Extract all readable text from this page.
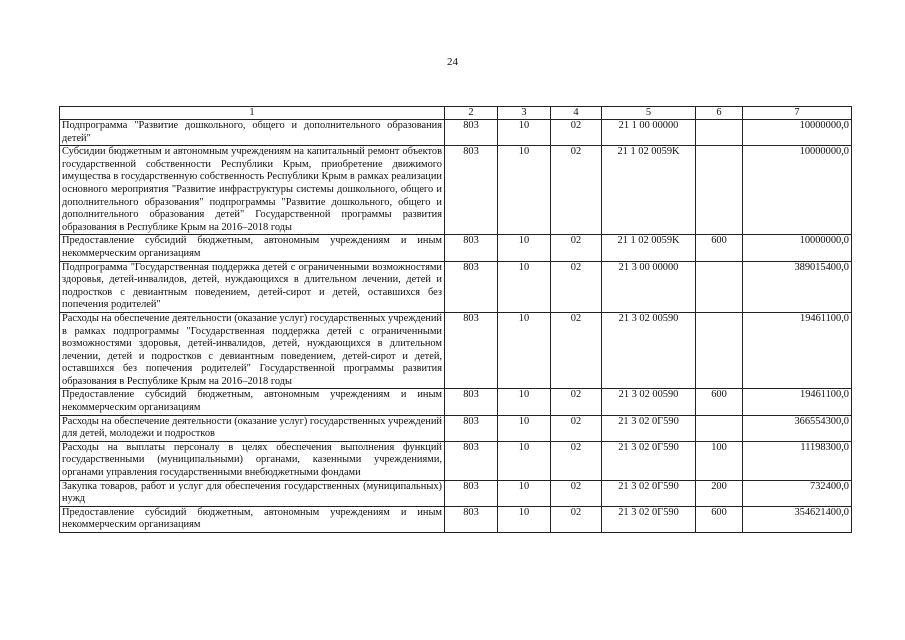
24
1	2	3	4	5	6	7
Подпрограмма "Развитие дошкольного, общего и дополнительного образования детей"	803	10	02	21 1 00 00000		10000000,0
Субсидии бюджетным и автономным учреждениям на капитальный ремонт объектов государственной собственности Республики Крым, приобретение движимого имущества в государственную собственность Республики Крым в рамках реализации основного мероприятия "Развитие инфраструктуры системы дошкольного, общего и дополнительного образования" подпрограммы "Развитие дошкольного, общего и дополнительного образования детей" Государственной программы развития образования в Республике Крым на 2016–2018 годы	803	10	02	21 1 02 0059K		10000000,0
Предоставление субсидий бюджетным, автономным учреждениям и иным некоммерческим организациям	803	10	02	21 1 02 0059K	600	10000000,0
Подпрограмма "Государственная поддержка детей с ограниченными возможностями здоровья, детей-инвалидов, детей, нуждающихся в длительном лечении, детей и подростков с девиантным поведением, детей-сирот и детей, оставшихся без попечения родителей"	803	10	02	21 3 00 00000		389015400,0
Расходы на обеспечение деятельности (оказание услуг) государственных учреждений в рамках подпрограммы "Государственная поддержка детей с ограниченными возможностями здоровья, детей-инвалидов, детей, нуждающихся в длительном лечении, детей и подростков с девиантным поведением, детей-сирот и детей, оставшихся без попечения родителей" Государственной программы развития образования в Республике Крым на 2016–2018 годы	803	10	02	21 3 02 00590		19461100,0
Предоставление субсидий бюджетным, автономным учреждениям и иным некоммерческим организациям	803	10	02	21 3 02 00590	600	19461100,0
Расходы на обеспечение деятельности (оказание услуг) государственных учреждений для детей, молодежи и подростков	803	10	02	21 3 02 0Г590		366554300,0
Расходы на выплаты персоналу в целях обеспечения выполнения функций государственными (муниципальными) органами, казенными учреждениями, органами управления государственными внебюджетными фондами	803	10	02	21 3 02 0Г590	100	11198300,0
Закупка товаров, работ и услуг для обеспечения государственных (муниципальных) нужд	803	10	02	21 3 02 0Г590	200	732400,0
Предоставление субсидий бюджетным, автономным учреждениям и иным некоммерческим организациям	803	10	02	21 3 02 0Г590	600	354621400,0
